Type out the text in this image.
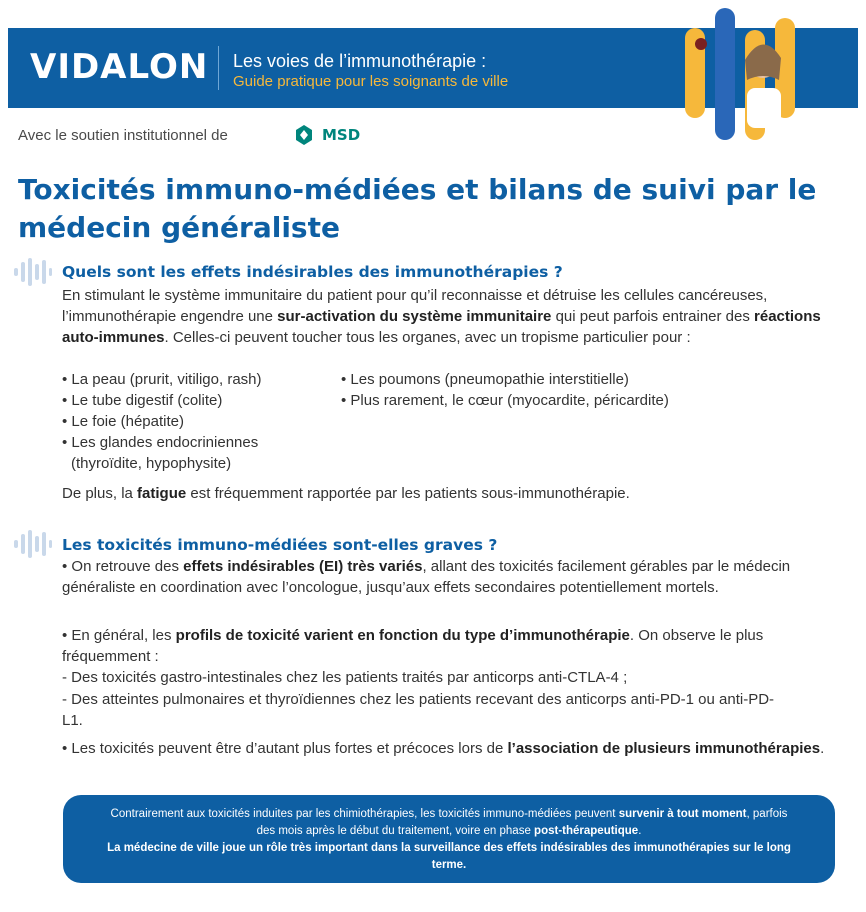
VIDALON Les voies de l’immunothérapie :
Guide pratique pour les soignants de ville
Avec le soutien institutionnel de	MSD
Toxicités immuno-médiées et bilans de suivi par le médecin généraliste
Quels sont les effets indésirables des immunothérapies ?

En stimulant le système immunitaire du patient pour qu’il reconnaisse et détruise les cellules cancéreuses, l’immunothérapie engendre une sur-activation du système immunitaire qui peut parfois entrainer des réactions auto-immunes. Celles-ci peuvent toucher tous les organes, avec un tropisme particulier pour :

• La peau (prurit, vitiligo, rash)
• Le tube digestif (colite)
• Le foie (hépatite)
• Les glandes endocriniennes
(thyroïdite, hypophysite)
• Les poumons (pneumopathie interstitielle)
• Plus rarement, le cœur (myocardite, péricardite)

De plus, la fatigue est fréquemment rapportée par les patients sous-immunothérapie.

Les toxicités immuno-médiées sont-elles graves ?
• On retrouve des effets indésirables (EI) très variés, allant des toxicités facilement gérables par le médecin généraliste en coordination avec l’oncologue, jusqu’aux effets secondaires potentiellement mortels.
• En général, les profils de toxicité varient en fonction du type d’immunothérapie. On observe le plus fréquemment :
- Des toxicités gastro-intestinales chez les patients traités par anticorps anti-CTLA-4 ;
- Des atteintes pulmonaires et thyroïdiennes chez les patients recevant des anticorps anti-PD-1 ou anti-PD-L1.
• Les toxicités peuvent être d’autant plus fortes et précoces lors de l’association de plusieurs immunothérapies.
Contrairement aux toxicités induites par les chimiothérapies, les toxicités immuno-médiées peuvent survenir à tout moment, parfois des mois après le début du traitement, voire en phase post-thérapeutique.
La médecine de ville joue un rôle très important dans la surveillance des effets indésirables des immunothérapies sur le long terme.
